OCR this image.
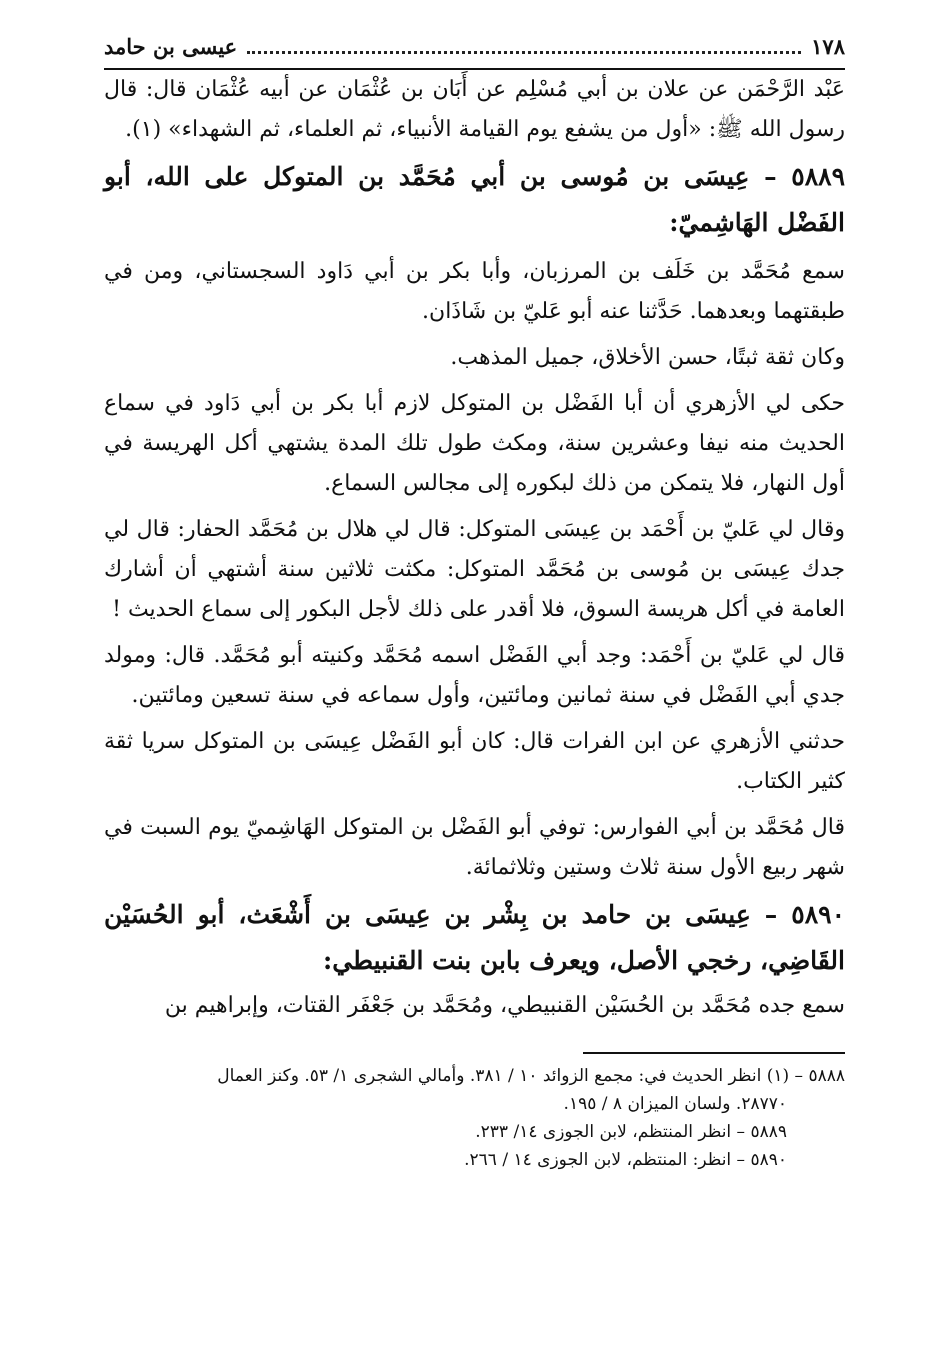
١٧٨
عيسى بن حامد

عَبْد الرَّحْمَن عن علان بن أبي مُسْلِم عن أَبَان بن عُثْمَان عن أبيه عُثْمَان قال: قال رسول الله ﷺ: «أول من يشفع يوم القيامة الأنبياء، ثم العلماء، ثم الشهداء» (١).

٥٨٨٩ – عِيسَى بن مُوسى بن أبي مُحَمَّد بن المتوكل على الله، أبو الفَضْل الهَاشِميّ:

سمع مُحَمَّد بن خَلَف بن المرزبان، وأبا بكر بن أبي دَاود السجستاني، ومن في طبقتهما وبعدهما. حَدَّثنا عنه أبو عَليّ بن شَاذَان.

وكان ثقة ثبتًا، حسن الأخلاق، جميل المذهب.

حكى لي الأزهري أن أبا الفَضْل بن المتوكل لازم أبا بكر بن أبي دَاود في سماع الحديث منه نيفا وعشرين سنة، ومكث طول تلك المدة يشتهي أكل الهريسة في أول النهار، فلا يتمكن من ذلك لبكوره إلى مجالس السماع.

وقال لي عَليّ بن أَحْمَد بن عِيسَى المتوكل: قال لي هلال بن مُحَمَّد الحفار: قال لي جدك عِيسَى بن مُوسى بن مُحَمَّد المتوكل: مكثت ثلاثين سنة أشتهي أن أشارك العامة في أكل هريسة السوق، فلا أقدر على ذلك لأجل البكور إلى سماع الحديث !

قال لي عَليّ بن أَحْمَد: وجد أبي الفَضْل اسمه مُحَمَّد وكنيته أبو مُحَمَّد. قال: ومولد جدي أبي الفَضْل في سنة ثمانين ومائتين، وأول سماعه في سنة تسعين ومائتين.

حدثني الأزهري عن ابن الفرات قال: كان أبو الفَضْل عِيسَى بن المتوكل سريا ثقة كثير الكتاب.

قال مُحَمَّد بن أبي الفوارس: توفي أبو الفَضْل بن المتوكل الهَاشِميّ يوم السبت في شهر ربيع الأول سنة ثلاث وستين وثلاثمائة.

٥٨٩٠ – عِيسَى بن حامد بن بِشْر بن عِيسَى بن أَشْعَث، أبو الحُسَيْن القَاضِي، رخجي الأصل، ويعرف بابن بنت القنبيطي:

سمع جده مُحَمَّد بن الحُسَيْن القنبيطي، ومُحَمَّد بن جَعْفَر القتات، وإبراهيم بن

٥٨٨٨ – (١) انظر الحديث في: مجمع الزوائد ١٠ / ٣٨١. وأمالي الشجرى ١/ ٥٣. وكنز العمال
٢٨٧٧٠. ولسان الميزان ٨ / ١٩٥.

٥٨٨٩ – انظر المنتظم، لابن الجوزى ١٤/ ٢٣٣.

٥٨٩٠ – انظر: المنتظم، لابن الجوزى ١٤ / ٢٦٦.
